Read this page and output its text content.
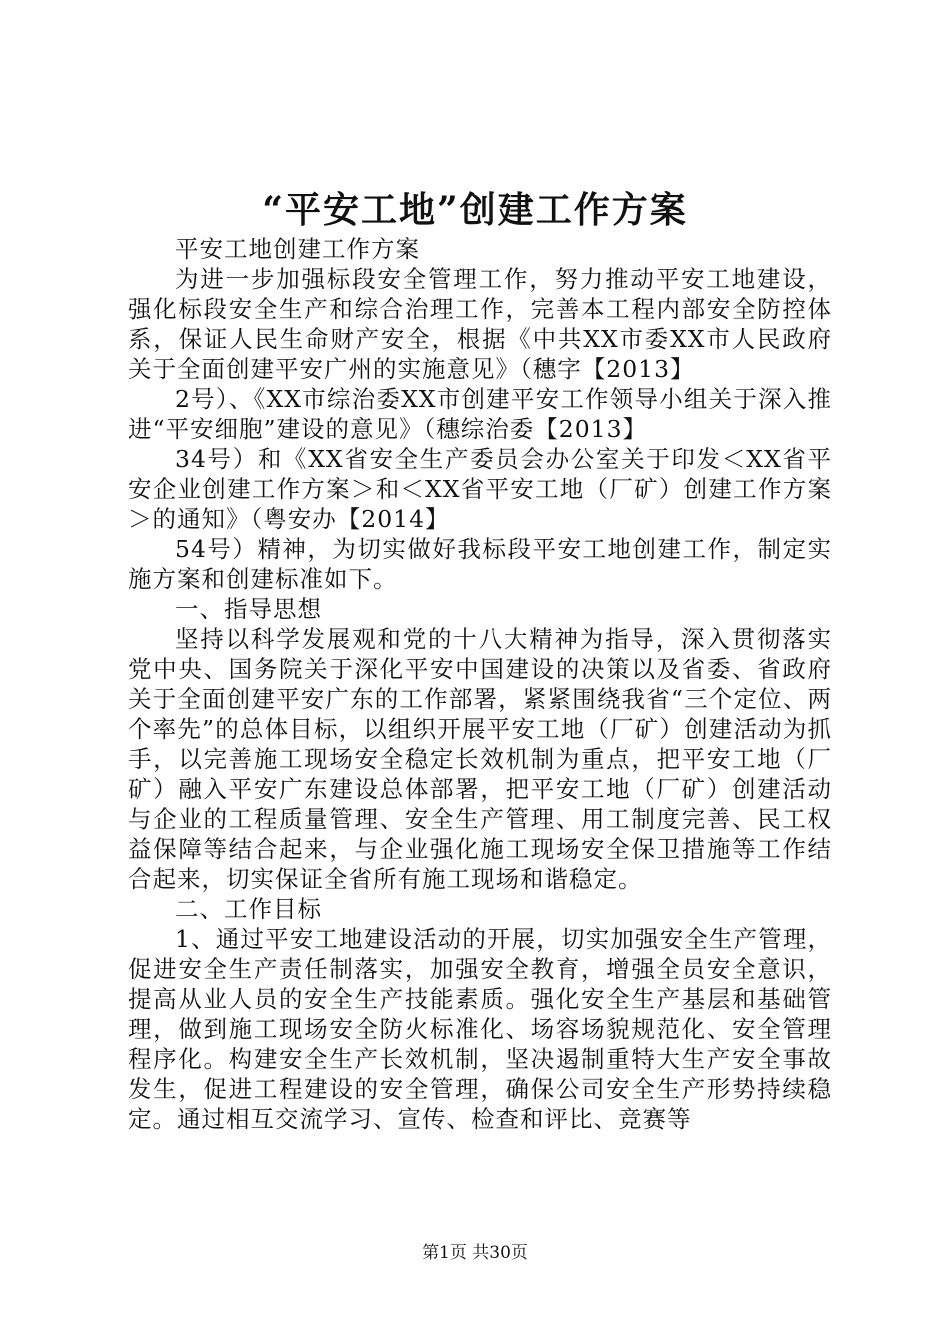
“平安工地”创建工作方案

平安工地创建工作方案

为进一步加强标段安全管理工作，努力推动平安工地建设，强化标段安全生产和综合治理工作，完善本工程内部安全防控体系，保证人民生命财产安全，根据《中共XX市委XX市人民政府关于全面创建平安广州的实施意见》（穗字【2013】

2号）、《XX市综治委XX市创建平安工作领导小组关于深入推进“平安细胞”建设的意见》（穗综治委【2013】

34号）和《XX省安全生产委员会办公室关于印发＜XX省平安企业创建工作方案＞和＜XX省平安工地（厂矿）创建工作方案＞的通知》（粤安办【2014】

54号）精神，为切实做好我标段平安工地创建工作，制定实施方案和创建标准如下。

一、指导思想

坚持以科学发展观和党的十八大精神为指导，深入贯彻落实党中央、国务院关于深化平安中国建设的决策以及省委、省政府关于全面创建平安广东的工作部署，紧紧围绕我省“三个定位、两个率先”的总体目标，以组织开展平安工地（厂矿）创建活动为抓手，以完善施工现场安全稳定长效机制为重点，把平安工地（厂矿）融入平安广东建设总体部署，把平安工地（厂矿）创建活动与企业的工程质量管理、安全生产管理、用工制度完善、民工权益保障等结合起来，与企业强化施工现场安全保卫措施等工作结合起来，切实保证全省所有施工现场和谐稳定。

二、工作目标

1、通过平安工地建设活动的开展，切实加强安全生产管理，促进安全生产责任制落实，加强安全教育，增强全员安全意识，提高从业人员的安全生产技能素质。强化安全生产基层和基础管理，做到施工现场安全防火标准化、场容场貌规范化、安全管理程序化。构建安全生产长效机制，坚决遏制重特大生产安全事故发生，促进工程建设的安全管理，确保公司安全生产形势持续稳定。通过相互交流学习、宣传、检查和评比、竞赛等

第1页 共30页
